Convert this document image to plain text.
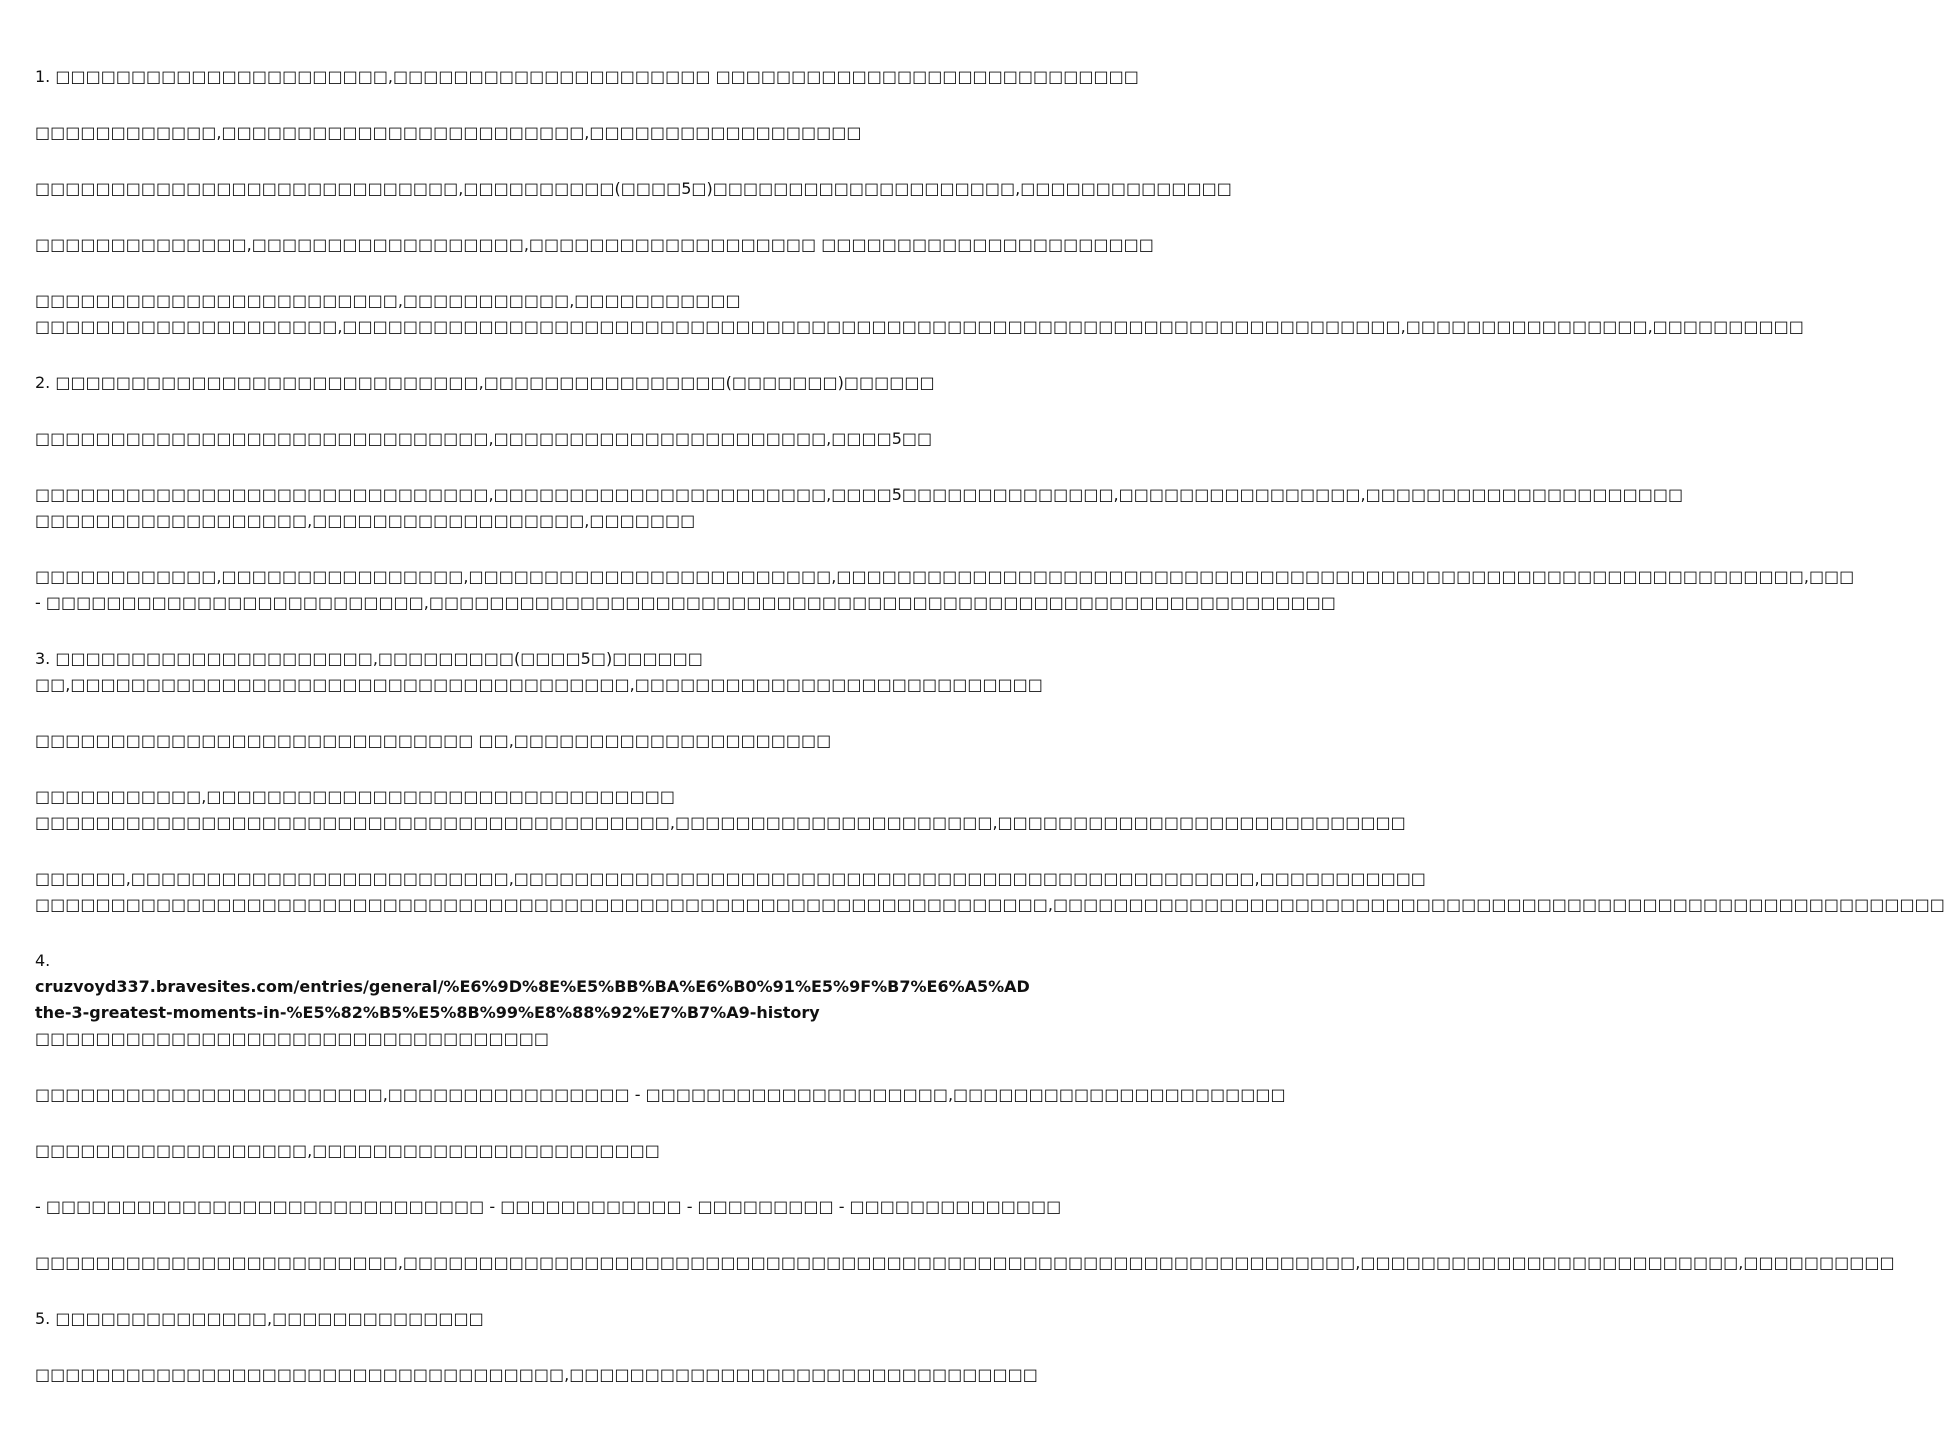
1. □□□□□□□□□□□□□□□□□□□□□□,□□□□□□□□□□□□□□□□□□□□□ □□□□□□□□□□□□□□□□□□□□□□□□□□□□
□□□□□□□□□□□□,□□□□□□□□□□□□□□□□□□□□□□□□,□□□□□□□□□□□□□□□□□□
□□□□□□□□□□□□□□□□□□□□□□□□□□□□,□□□□□□□□□□(□□□□5□)□□□□□□□□□□□□□□□□□□□□,□□□□□□□□□□□□□□
□□□□□□□□□□□□□□,□□□□□□□□□□□□□□□□□□,□□□□□□□□□□□□□□□□□□□ □□□□□□□□□□□□□□□□□□□□□□
□□□□□□□□□□□□□□□□□□□□□□□□,□□□□□□□□□□□,□□□□□□□□□□□
□□□□□□□□□□□□□□□□□□□□,□□□□□□□□□□□□□□□□□□□□□□□□□□□□□□□□□□□□□□□□□□□□□□□□□□□□□□□□□□□□□□□□□□□□□□,□□□□□□□□□□□□□□□□,□□□□□□□□□□
2. □□□□□□□□□□□□□□□□□□□□□□□□□□□□,□□□□□□□□□□□□□□□□(□□□□□□□)□□□□□□
□□□□□□□□□□□□□□□□□□□□□□□□□□□□□□,□□□□□□□□□□□□□□□□□□□□□□,□□□□5□□
□□□□□□□□□□□□□□□□□□□□□□□□□□□□□□,□□□□□□□□□□□□□□□□□□□□□□,□□□□5□□□□□□□□□□□□□□,□□□□□□□□□□□□□□□□,□□□□□□□□□□□□□□□□□□□□□
□□□□□□□□□□□□□□□□□□,□□□□□□□□□□□□□□□□□□,□□□□□□□
□□□□□□□□□□□□,□□□□□□□□□□□□□□□□,□□□□□□□□□□□□□□□□□□□□□□□□,□□□□□□□□□□□□□□□□□□□□□□□□□□□□□□□□□□□□□□□□□□□□□□□□□□□□□□□□□□□□□□□□,□□□
- □□□□□□□□□□□□□□□□□□□□□□□□□,□□□□□□□□□□□□□□□□□□□□□□□□□□□□□□□□□□□□□□□□□□□□□□□□□□□□□□□□□□□□
3. □□□□□□□□□□□□□□□□□□□□□,□□□□□□□□□(□□□□5□)□□□□□□
□□,□□□□□□□□□□□□□□□□□□□□□□□□□□□□□□□□□□□□□,□□□□□□□□□□□□□□□□□□□□□□□□□□□
□□□□□□□□□□□□□□□□□□□□□□□□□□□□□ □□,□□□□□□□□□□□□□□□□□□□□□
□□□□□□□□□□□,□□□□□□□□□□□□□□□□□□□□□□□□□□□□□□□
□□□□□□□□□□□□□□□□□□□□□□□□□□□□□□□□□□□□□□□□□□,□□□□□□□□□□□□□□□□□□□□□,□□□□□□□□□□□□□□□□□□□□□□□□□□□
□□□□□□,□□□□□□□□□□□□□□□□□□□□□□□□□,□□□□□□□□□□□□□□□□□□□□□□□□□□□□□□□□□□□□□□□□□□□□□□□□□,□□□□□□□□□□□
□□□□□□□□□□□□□□□□□□□□□□□□□□□□□□□□□□□□□□□□□□□□□□□□□□□□□□□□□□□□□□□□□□□,□□□□□□□□□□□□□□□□□□□□□□□□□□□□□□□□□□□□□□□□□□□□□□□□□□□□□□□□□□□
4.
cruzvoyd337.bravesites.com/entries/general/%E6%9D%8E%E5%BB%BA%E6%B0%91%E5%9F%B7%E6%A5%AD
the-3-greatest-moments-in-%E5%82%B5%E5%8B%99%E8%88%92%E7%B7%A9-history
□□□□□□□□□□□□□□□□□□□□□□□□□□□□□□□□□□
□□□□□□□□□□□□□□□□□□□□□□□,□□□□□□□□□□□□□□□□ - □□□□□□□□□□□□□□□□□□□□,□□□□□□□□□□□□□□□□□□□□□□
□□□□□□□□□□□□□□□□□□,□□□□□□□□□□□□□□□□□□□□□□□
- □□□□□□□□□□□□□□□□□□□□□□□□□□□□□ - □□□□□□□□□□□□ - □□□□□□□□□ - □□□□□□□□□□□□□□
□□□□□□□□□□□□□□□□□□□□□□□□,□□□□□□□□□□□□□□□□□□□□□□□□□□□□□□□□□□□□□□□□□□□□□□□□□□□□□□□□□□□□□□□,□□□□□□□□□□□□□□□□□□□□□□□□□,□□□□□□□□□□
5. □□□□□□□□□□□□□□,□□□□□□□□□□□□□□
□□□□□□□□□□□□□□□□□□□□□□□□□□□□□□□□□□□,□□□□□□□□□□□□□□□□□□□□□□□□□□□□□□□
